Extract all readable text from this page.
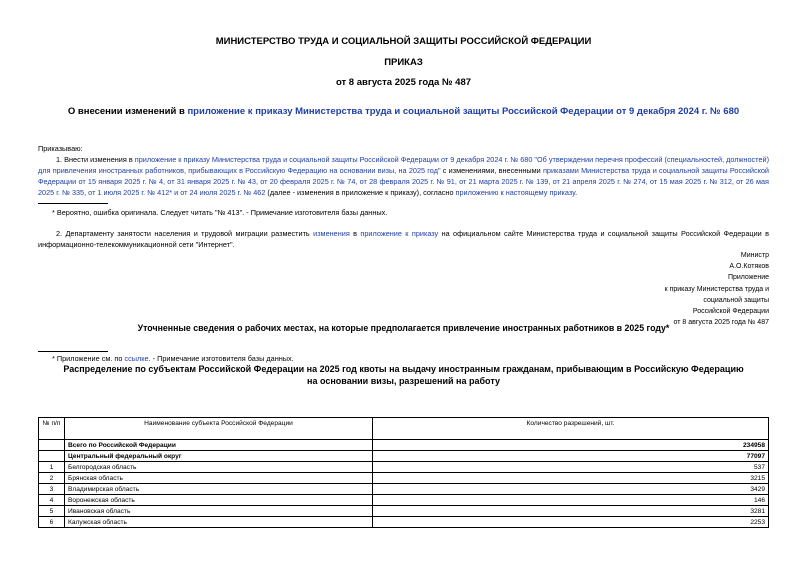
МИНИСТЕРСТВО ТРУДА И СОЦИАЛЬНОЙ ЗАЩИТЫ РОССИЙСКОЙ ФЕДЕРАЦИИ
ПРИКАЗ
от 8 августа 2025 года № 487
О внесении изменений в приложение к приказу Министерства труда и социальной защиты Российской Федерации от 9 декабря 2024 г. № 680
Приказываю:
1. Внести изменения в приложение к приказу Министерства труда и социальной защиты Российской Федерации от 9 декабря 2024 г. № 680 "Об утверждении перечня профессий (специальностей, должностей) для привлечения иностранных работников, прибывающих в Российскую Федерацию на основании визы, на 2025 год" с изменениями, внесенными приказами Министерства труда и социальной защиты Российской Федерации от 15 января 2025 г. № 4, от 31 января 2025 г. № 43, от 20 февраля 2025 г. № 74, от 28 февраля 2025 г. № 91, от 21 марта 2025 г. № 139, от 21 апреля 2025 г. № 274, от 15 мая 2025 г. № 312, от 26 мая 2025 г. № 335, от 1 июля 2025 г. № 412* и от 24 июля 2025 г. № 462 (далее - изменения в приложение к приказу), согласно приложению к настоящему приказу.
* Вероятно, ошибка оригинала. Следует читать "№ 413". - Примечание изготовителя базы данных.
2. Департаменту занятости населения и трудовой миграции разместить изменения в приложение к приказу на официальном сайте Министерства труда и социальной защиты Российской Федерации в информационно-телекоммуникационной сети "Интернет".
Министр
А.О.Котяков
Приложение
к приказу Министерства труда и
социальной защиты
Российской Федерации
от 8 августа 2025 года № 487
Уточненные сведения о рабочих местах, на которые предполагается привлечение иностранных работников в 2025 году*
* Приложение см. по ссылке. - Примечание изготовителя базы данных.
Распределение по субъектам Российской Федерации на 2025 год квоты на выдачу иностранным гражданам, прибывающим в Российскую Федерацию на основании визы, разрешений на работу
№ п/п	Наименование субъекта Российской Федерации	Количество разрешений, шт.
	Всего по Российской Федерации	234958
	Центральный федеральный округ	77097
1	Белгородская область	537
2	Брянская область	3215
3	Владимирская область	3429
4	Воронежская область	146
5	Ивановская область	3281
6	Калужская область	2253
